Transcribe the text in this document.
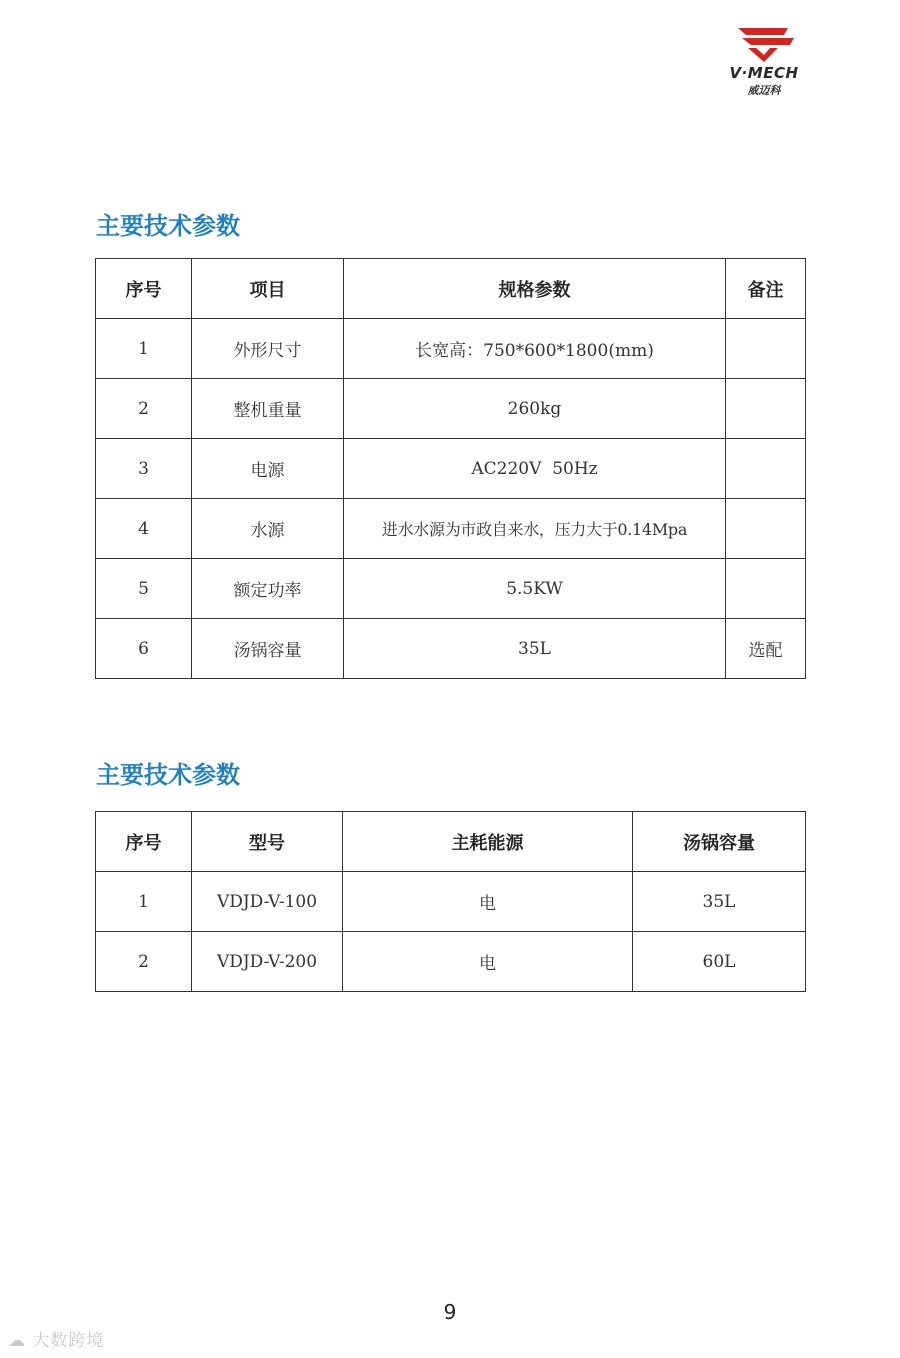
V·MECH
威迈科
主要技术参数
序号	项目	规格参数	备注
1	外形尺寸	长宽高：750*600*1800(mm)	
2	整机重量	260kg	
3	电源	AC220V  50Hz	
4	水源	进水水源为市政自来水，压力大于0.14Mpa	
5	额定功率	5.5KW	
6	汤锅容量	35L	选配
主要技术参数
序号	型号	主耗能源	汤锅容量
1	VDJD-V-100	电	35L
2	VDJD-V-200	电	60L
9
☁ 大数跨境
